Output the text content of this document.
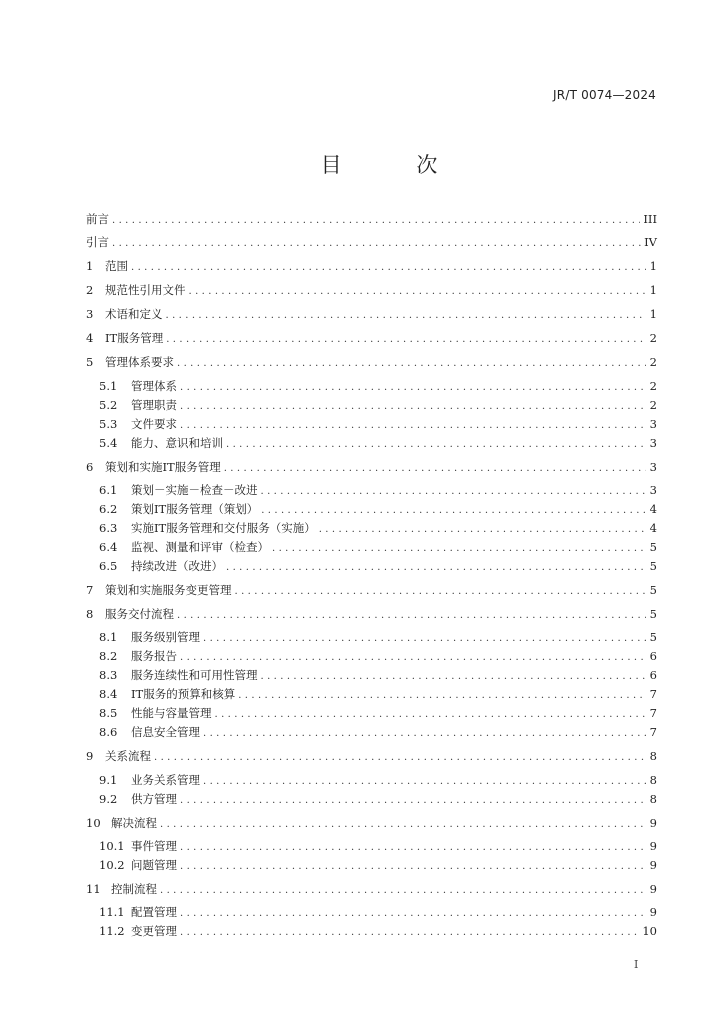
JR/T 0074—2024
目 次
前言 .....	III
引言 .....	IV
1	范围 .....	1
2	规范性引用文件 .....	1
3	术语和定义 .....	1
4	IT服务管理 .....	2
5	管理体系要求 .....	2
5.1	管理体系 .....	2
5.2	管理职责 .....	2
5.3	文件要求 .....	3
5.4	能力、意识和培训 .....	3
6	策划和实施IT服务管理 .....	3
6.1	策划－实施－检查－改进 .....	3
6.2	策划IT服务管理（策划） .....	4
6.3	实施IT服务管理和交付服务（实施） .....	4
6.4	监视、测量和评审（检查） .....	5
6.5	持续改进（改进） .....	5
7	策划和实施服务变更管理 .....	5
8	服务交付流程 .....	5
8.1	服务级别管理 .....	5
8.2	服务报告 .....	6
8.3	服务连续性和可用性管理 .....	6
8.4	IT服务的预算和核算 .....	7
8.5	性能与容量管理 .....	7
8.6	信息安全管理 .....	7
9	关系流程 .....	8
9.1	业务关系管理 .....	8
9.2	供方管理 .....	8
10 解决流程 .....	9
10.1 事件管理 .....	9
10.2 问题管理 .....	9
11 控制流程 .....	9
11.1 配置管理 .....	9
11.2 变更管理 .....	10
I
